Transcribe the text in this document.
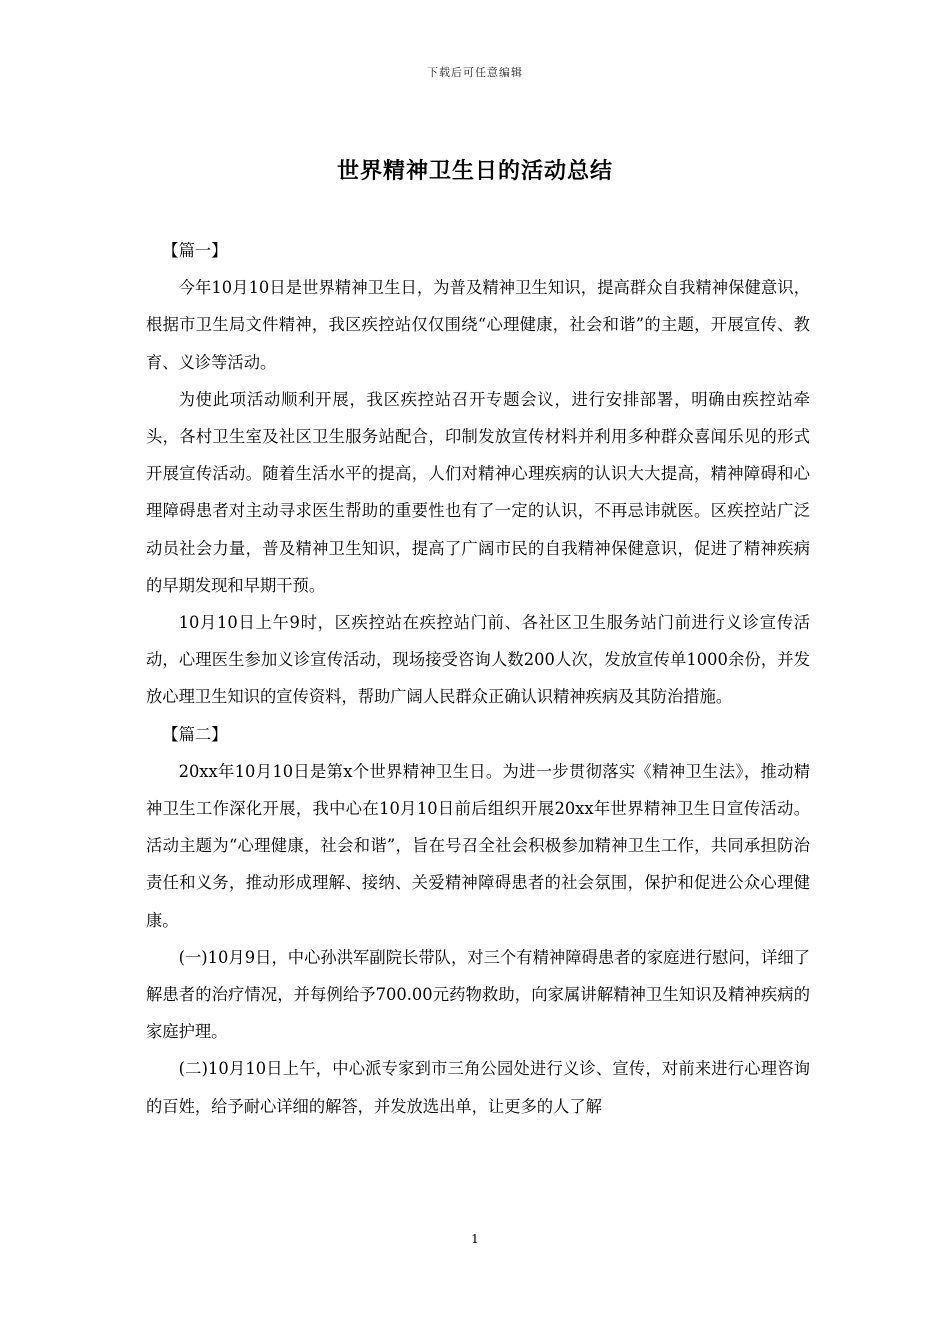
下载后可任意编辑
世界精神卫生日的活动总结

【篇一】

今年10月10日是世界精神卫生日，为普及精神卫生知识，提高群众自我精神保健意识，根据市卫生局文件精神，我区疾控站仅仅围绕“心理健康，社会和谐”的主题，开展宣传、教育、义诊等活动。

为使此项活动顺利开展，我区疾控站召开专题会议，进行安排部署，明确由疾控站牵头，各村卫生室及社区卫生服务站配合，印制发放宣传材料并利用多种群众喜闻乐见的形式开展宣传活动。随着生活水平的提高，人们对精神心理疾病的认识大大提高，精神障碍和心理障碍患者对主动寻求医生帮助的重要性也有了一定的认识，不再忌讳就医。区疾控站广泛动员社会力量，普及精神卫生知识，提高了广阔市民的自我精神保健意识，促进了精神疾病的早期发现和早期干预。

10月10日上午9时，区疾控站在疾控站门前、各社区卫生服务站门前进行义诊宣传活动，心理医生参加义诊宣传活动，现场接受咨询人数200人次，发放宣传单1000余份，并发放心理卫生知识的宣传资料，帮助广阔人民群众正确认识精神疾病及其防治措施。

【篇二】

20xx年10月10日是第x个世界精神卫生日。为进一步贯彻落实《精神卫生法》，推动精神卫生工作深化开展，我中心在10月10日前后组织开展20xx年世界精神卫生日宣传活动。活动主题为“心理健康，社会和谐”，旨在号召全社会积极参加精神卫生工作，共同承担防治责任和义务，推动形成理解、接纳、关爱精神障碍患者的社会氛围，保护和促进公众心理健康。

(一)10月9日，中心孙洪军副院长带队，对三个有精神障碍患者的家庭进行慰问，详细了解患者的治疗情况，并每例给予700.00元药物救助，向家属讲解精神卫生知识及精神疾病的家庭护理。

(二)10月10日上午，中心派专家到市三角公园处进行义诊、宣传，对前来进行心理咨询的百姓，给予耐心详细的解答，并发放选出单，让更多的人了解

1
